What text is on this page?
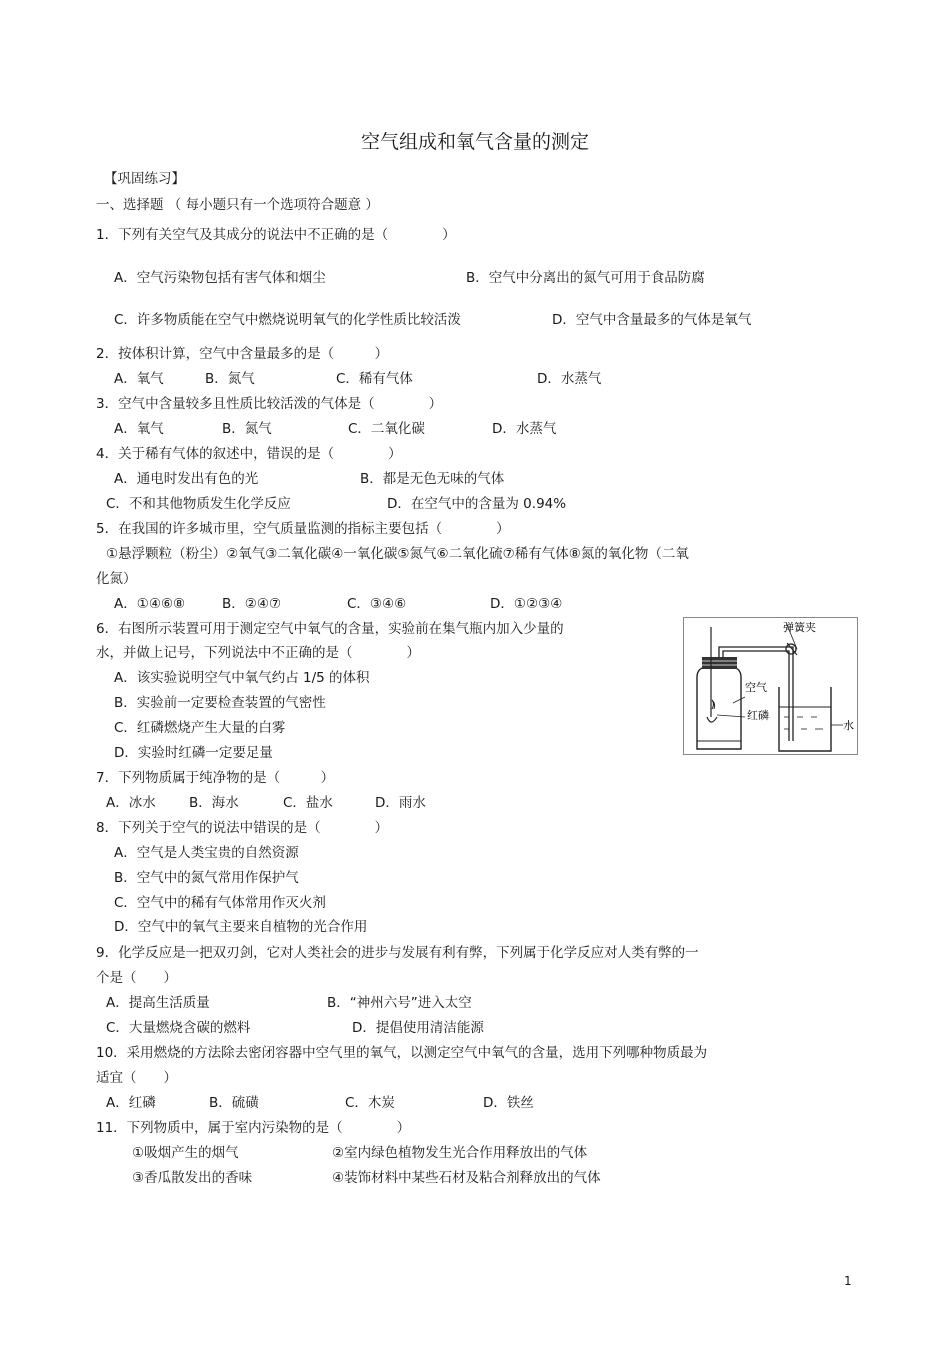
空气组成和氧气含量的测定
【巩固练习】
一、选择题 （ 每小题只有一个选项符合题意 ）
1．下列有关空气及其成分的说法中不正确的是（　　　　）
A．空气污染物包括有害气体和烟尘	B．空气中分离出的氮气可用于食品防腐
C．许多物质能在空气中燃烧说明氧气的化学性质比较活泼	D．空气中含量最多的气体是氧气
2．按体积计算，空气中含量最多的是（　　　）
A．氧气	B．氮气	C．稀有气体	D．水蒸气
3．空气中含量较多且性质比较活泼的气体是（　　　　）
A．氧气	B．氮气	C．二氧化碳	D．水蒸气
4．关于稀有气体的叙述中，错误的是（　　　　）
A．通电时发出有色的光	B．都是无色无味的气体
C．不和其他物质发生化学反应	D．在空气中的含量为 0.94%
5．在我国的许多城市里，空气质量监测的指标主要包括（　　　　）
①悬浮颗粒（粉尘）②氧气③二氧化碳④一氧化碳⑤氮气⑥二氧化硫⑦稀有气体⑧氮的氧化物（二氧
化氮）
A．①④⑥⑧	B．②④⑦	C．③④⑥	D．①②③④
6．右图所示装置可用于测定空气中氧气的含量，实验前在集气瓶内加入少量的
水，并做上记号，下列说法中不正确的是（　　　　）
A．该实验说明空气中氧气约占 1/5 的体积
B．实验前一定要检查装置的气密性
C．红磷燃烧产生大量的白雾
D．实验时红磷一定要足量
弹簧夹
空气
红磷
水
7．下列物质属于纯净物的是（　　　）
A．冰水 B．海水	C．盐水	D．雨水
8．下列关于空气的说法中错误的是（　　　　）
A．空气是人类宝贵的自然资源
B．空气中的氮气常用作保护气
C．空气中的稀有气体常用作灭火剂
D．空气中的氧气主要来自植物的光合作用
9．化学反应是一把双刃剑，它对人类社会的进步与发展有利有弊，下列属于化学反应对人类有弊的一
个是（　　）
A．提高生活质量	B．“神州六号”进入太空
C．大量燃烧含碳的燃料	D．提倡使用清洁能源
10．采用燃烧的方法除去密闭容器中空气里的氧气，以测定空气中氧气的含量，选用下列哪种物质最为
适宜（　　）
A．红磷	B．硫磺	C．木炭	D．铁丝
11．下列物质中，属于室内污染物的是（　　　　）
①吸烟产生的烟气	②室内绿色植物发生光合作用释放出的气体
③香瓜散发出的香味	④装饰材料中某些石材及粘合剂释放出的气体
1
